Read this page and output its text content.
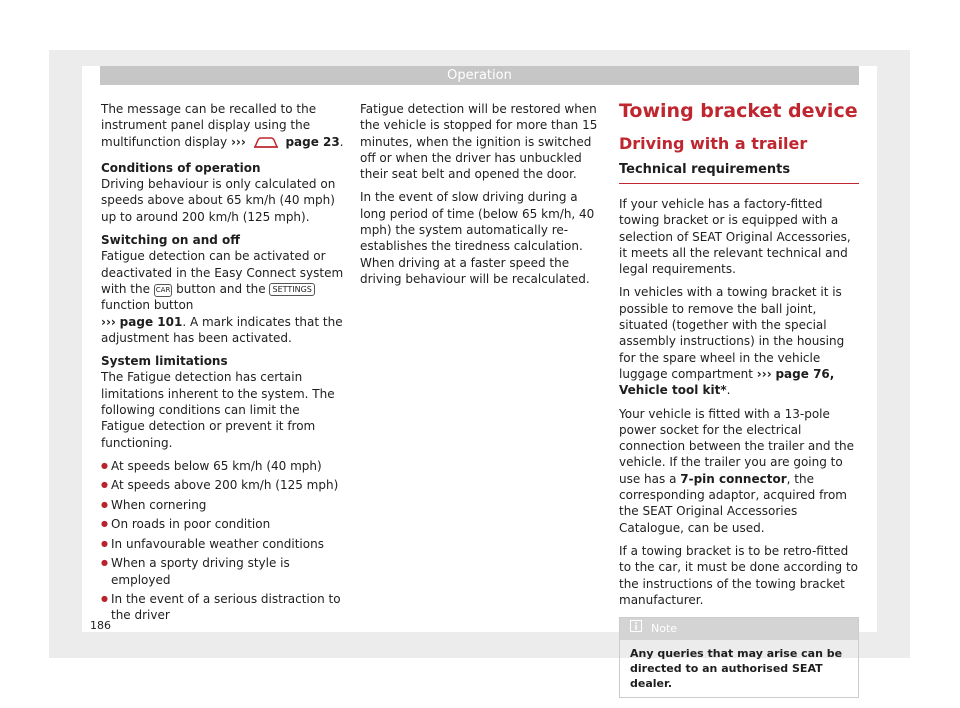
Operation

The message can be recalled to the instrument panel display using the multifunction display ›››	page 23.

Conditions of operation

Driving behaviour is only calculated on speeds above about 65 km/h (40 mph) up to around 200 km/h (125 mph).

Switching on and off

Fatigue detection can be activated or deactivated in the Easy Connect system with the CAR button and the SETTINGS function button
››› page 101. A mark indicates that the adjustment has been activated.

System limitations

The Fatigue detection has certain limitations inherent to the system. The following conditions can limit the Fatigue detection or prevent it from functioning.

● At speeds below 65 km/h (40 mph)
● At speeds above 200 km/h (125 mph)
● When cornering
● On roads in poor condition
● In unfavourable weather conditions
● When a sporty driving style is employed
● In the event of a serious distraction to the driver

Fatigue detection will be restored when the vehicle is stopped for more than 15 minutes, when the ignition is switched off or when the driver has unbuckled their seat belt and opened the door.

In the event of slow driving during a long period of time (below 65 km/h, 40 mph) the system automatically re-establishes the tiredness calculation. When driving at a faster speed the driving behaviour will be recalculated.

Towing bracket device
Driving with a trailer
Technical requirements

If your vehicle has a factory-fitted towing bracket or is equipped with a selection of SEAT Original Accessories, it meets all the relevant technical and legal requirements.

In vehicles with a towing bracket it is possible to remove the ball joint, situated (together with the special assembly instructions) in the housing for the spare wheel in the vehicle luggage compartment ››› page 76, Vehicle tool kit*.

Your vehicle is fitted with a 13-pole power socket for the electrical connection between the trailer and the vehicle. If the trailer you are going to use has a 7-pin connector, the corresponding adaptor, acquired from the SEAT Original Accessories Catalogue, can be used.

If a towing bracket is to be retro-fitted to the car, it must be done according to the instructions of the towing bracket manufacturer.

Note
Any queries that may arise can be directed to an authorised SEAT dealer.
186
